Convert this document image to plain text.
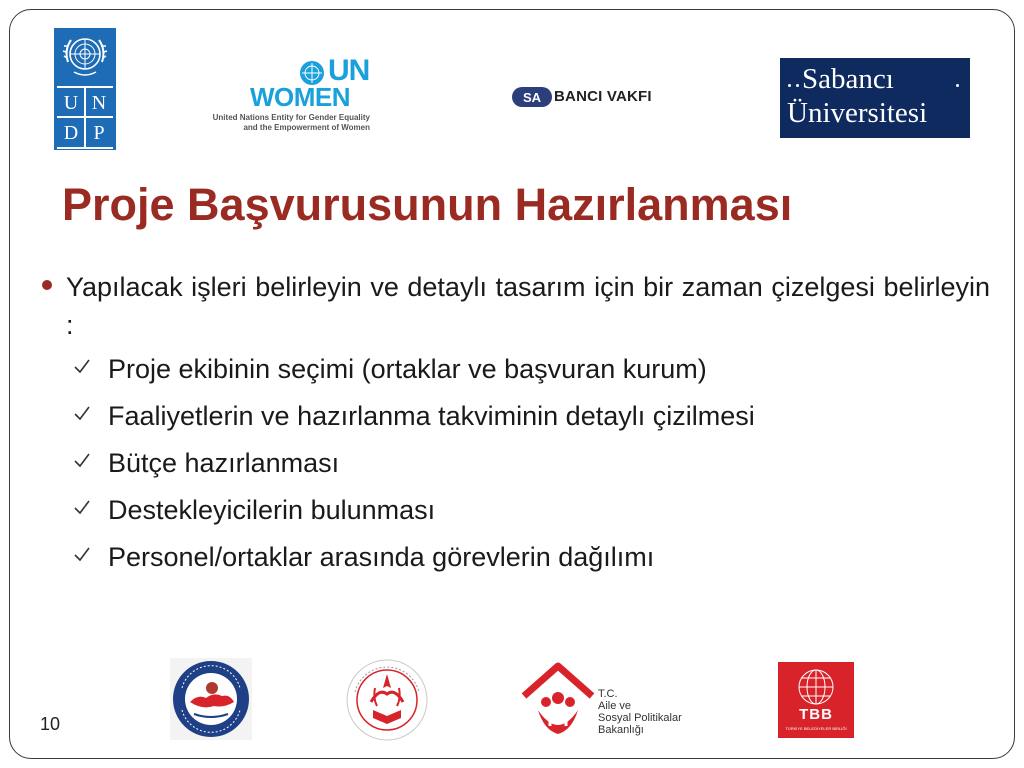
U N
D P
UN
WOMEN
United Nations Entity for Gender Equality
and the Empowerment of Women
SA BANCI VAKFI
Sabancı
Üniversitesi
Proje Başvurusunun Hazırlanması
Yapılacak işleri belirleyin ve detaylı tasarım için bir zaman çizelgesi belirleyin :
Proje ekibinin seçimi (ortaklar ve başvuran kurum)
Faaliyetlerin ve hazırlanma takviminin detaylı çizilmesi
Bütçe hazırlanması
Destekleyicilerin bulunması
Personel/ortaklar arasında görevlerin dağılımı
10
T.C.
Aile ve
Sosyal Politikalar
Bakanlığı
TBB
TÜRKİYE BELEDİYELER BİRLİĞİ
